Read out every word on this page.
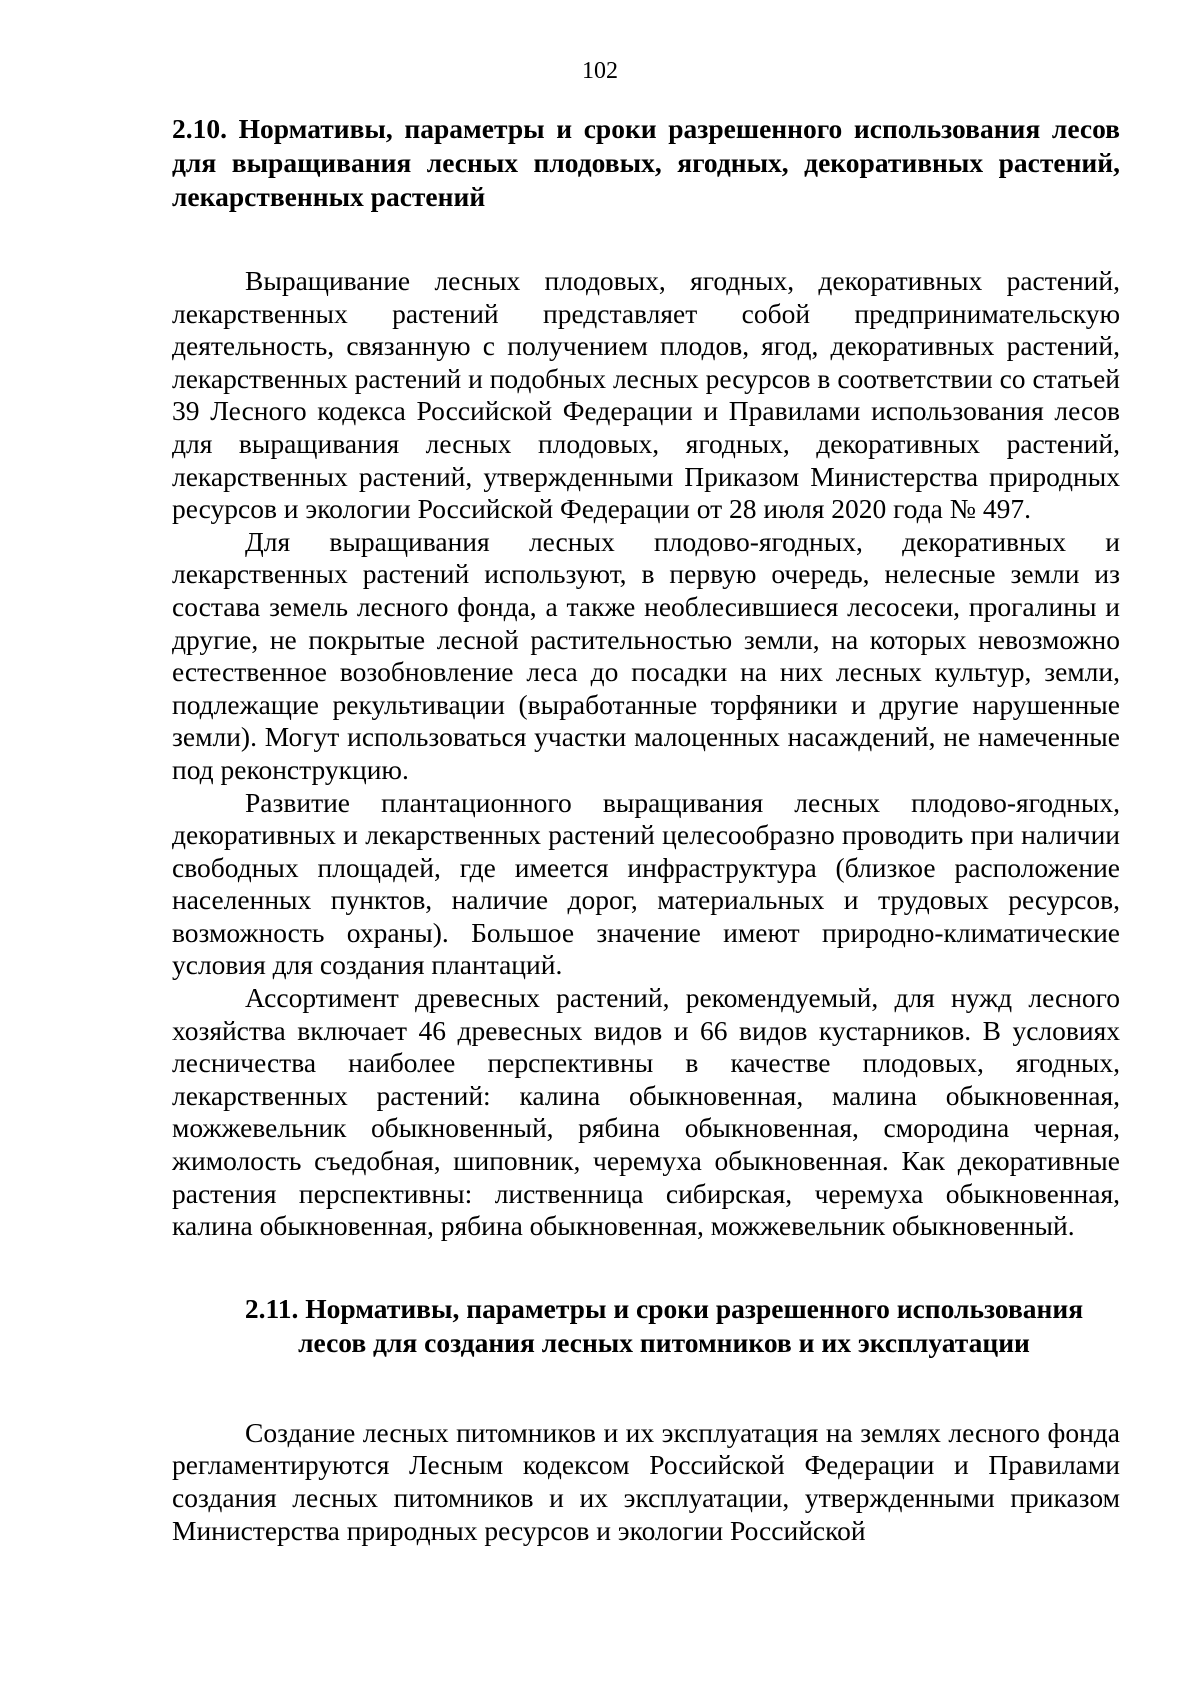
102
2.10. Нормативы, параметры и сроки разрешенного использования лесов для выращивания лесных плодовых, ягодных, декоративных растений, лекарственных растений

Выращивание лесных плодовых, ягодных, декоративных растений, лекарственных растений представляет собой предпринимательскую деятельность, связанную с получением плодов, ягод, декоративных растений, лекарственных растений и подобных лесных ресурсов в соответствии со статьей 39 Лесного кодекса Российской Федерации и Правилами использования лесов для выращивания лесных плодовых, ягодных, декоративных растений, лекарственных растений, утвержденными Приказом Министерства природных ресурсов и экологии Российской Федерации от 28 июля 2020 года № 497.

Для выращивания лесных плодово-ягодных, декоративных и лекарственных растений используют, в первую очередь, нелесные земли из состава земель лесного фонда, а также необлесившиеся лесосеки, прогалины и другие, не покрытые лесной растительностью земли, на которых невозможно естественное возобновление леса до посадки на них лесных культур, земли, подлежащие рекультивации (выработанные торфяники и другие нарушенные земли). Могут использоваться участки малоценных насаждений, не намеченные под реконструкцию.

Развитие плантационного выращивания лесных плодово-ягодных, декоративных и лекарственных растений целесообразно проводить при наличии свободных площадей, где имеется инфраструктура (близкое расположение населенных пунктов, наличие дорог, материальных и трудовых ресурсов, возможность охраны). Большое значение имеют природно-климатические условия для создания плантаций.

Ассортимент древесных растений, рекомендуемый, для нужд лесного хозяйства включает 46 древесных видов и 66 видов кустарников. В условиях лесничества наиболее перспективны в качестве плодовых, ягодных, лекарственных растений: калина обыкновенная, малина обыкновенная, можжевельник обыкновенный, рябина обыкновенная, смородина черная, жимолость съедобная, шиповник, черемуха обыкновенная. Как декоративные растения перспективны: лиственница сибирская, черемуха обыкновенная, калина обыкновенная, рябина обыкновенная, можжевельник обыкновенный.

2.11. Нормативы, параметры и сроки разрешенного использования лесов для создания лесных питомников и их эксплуатации

Создание лесных питомников и их эксплуатация на землях лесного фонда регламентируются Лесным кодексом Российской Федерации и Правилами создания лесных питомников и их эксплуатации, утвержденными приказом Министерства природных ресурсов и экологии Российской
